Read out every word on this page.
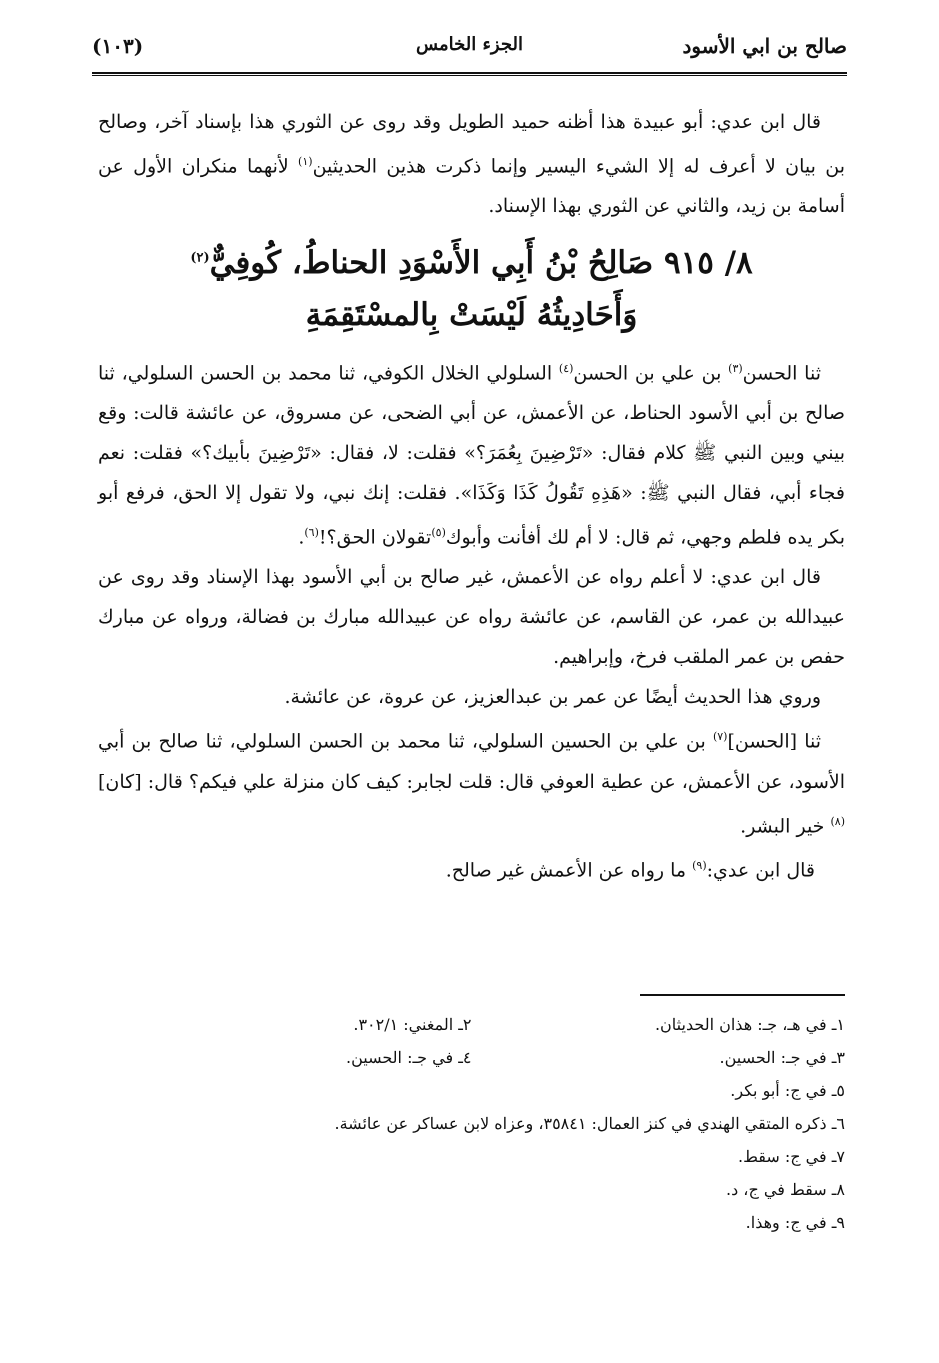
صالح بن ابي الأسود
الجزء الخامس
(١٠٣)

قال ابن عدي: أبو عبيدة هذا أظنه حميد الطويل وقد روى عن الثوري هذا بإسناد آخر، وصالح بن بيان لا أعرف له إلا الشيء اليسير وإنما ذكرت هذين الحديثين$^{(١)}$ لأنهما منكران الأول عن أسامة بن زيد، والثاني عن الثوري بهذا الإسناد.

٨/ ٩١٥ صَالِحُ بْنُ أَبِي الأَسْوَدِ الحناطُ، كُوفِيٌّ$^{(٢)}$
وَأَحَادِيثُهُ لَيْسَتْ بِالمسْتَقِمَةِ

ثنا الحسن$^{(٣)}$ بن علي بن الحسن$^{(٤)}$ السلولي الخلال الكوفي، ثنا محمد بن الحسن السلولي، ثنا صالح بن أبي الأسود الحناط، عن الأعمش، عن أبي الضحى، عن مسروق، عن عائشة قالت: وقع بيني وبين النبي ﷺ كلام فقال: «تَرْضِينَ بِعُمَرَ؟» فقلت: لا، فقال: «تَرْضِينَ بأبيك؟» فقلت: نعم فجاء أبي، فقال النبي ﷺ: «هَذِهِ تَقُولُ كَذَا وَكَذَا». فقلت: إنك نبي، ولا تقول إلا الحق، فرفع أبو بكر يده فلطم وجهي، ثم قال: لا أم لك أفأنت وأبوك$^{(٥)}$تقولان الحق؟!$^{(٦)}$.

قال ابن عدي: لا أعلم رواه عن الأعمش، غير صالح بن أبي الأسود بهذا الإسناد وقد روى عن عبيدالله بن عمر، عن القاسم، عن عائشة رواه عن عبيدالله مبارك بن فضالة، ورواه عن مبارك حفص بن عمر الملقب فرخ، وإبراهيم.

وروي هذا الحديث أيضًا عن عمر بن عبدالعزيز، عن عروة، عن عائشة.

ثنا [الحسن]$^{(٧)}$ بن علي بن الحسين السلولي، ثنا محمد بن الحسن السلولي، ثنا صالح بن أبي الأسود، عن الأعمش، عن عطية العوفي قال: قلت لجابر: كيف كان منزلة علي فيكم؟ قال: [كان]$^{(٨)}$ خير البشر.

قال ابن عدي:$^{(٩)}$ ما رواه عن الأعمش غير صالح.

١ـ في هـ، جـ: هذان الحديثان.
٢ـ المغني: ٣٠٢/١.
٣ـ في جـ: الحسين.
٤ـ في جـ: الحسين.
٥ـ في ج: أبو بكر.
٦ـ ذكره المتقي الهندي في كنز العمال: ٣٥٨٤١، وعزاه لابن عساكر عن عائشة.
٧ـ في ج: سقط.
٨ـ سقط في ج، د.
٩ـ في ج: وهذا.
